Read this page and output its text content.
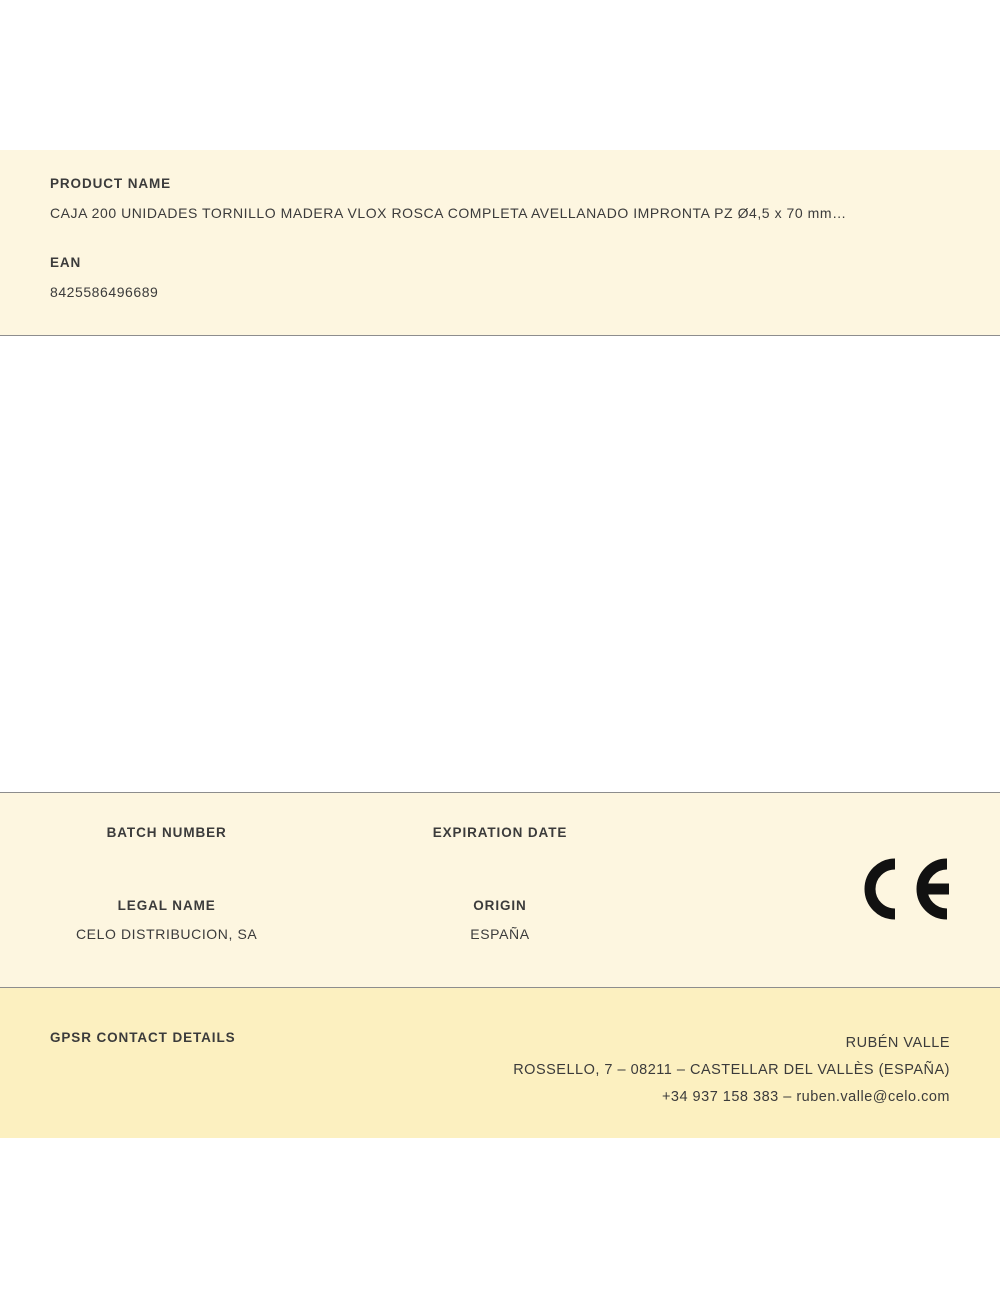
PRODUCT NAME

CAJA 200 UNIDADES TORNILLO MADERA VLOX ROSCA COMPLETA AVELLANADO IMPRONTA PZ Ø4,5 x 70 mm…

EAN

8425586496689

BATCH NUMBER	EXPIRATION DATE

LEGAL NAME

CELO DISTRIBUCION, SA

ORIGIN

ESPAÑA

GPSR CONTACT DETAILS	RUBÉN VALLE
ROSSELLO, 7 – 08211 – CASTELLAR DEL VALLÈS (ESPAÑA)
+34 937 158 383 – ruben.valle@celo.com
